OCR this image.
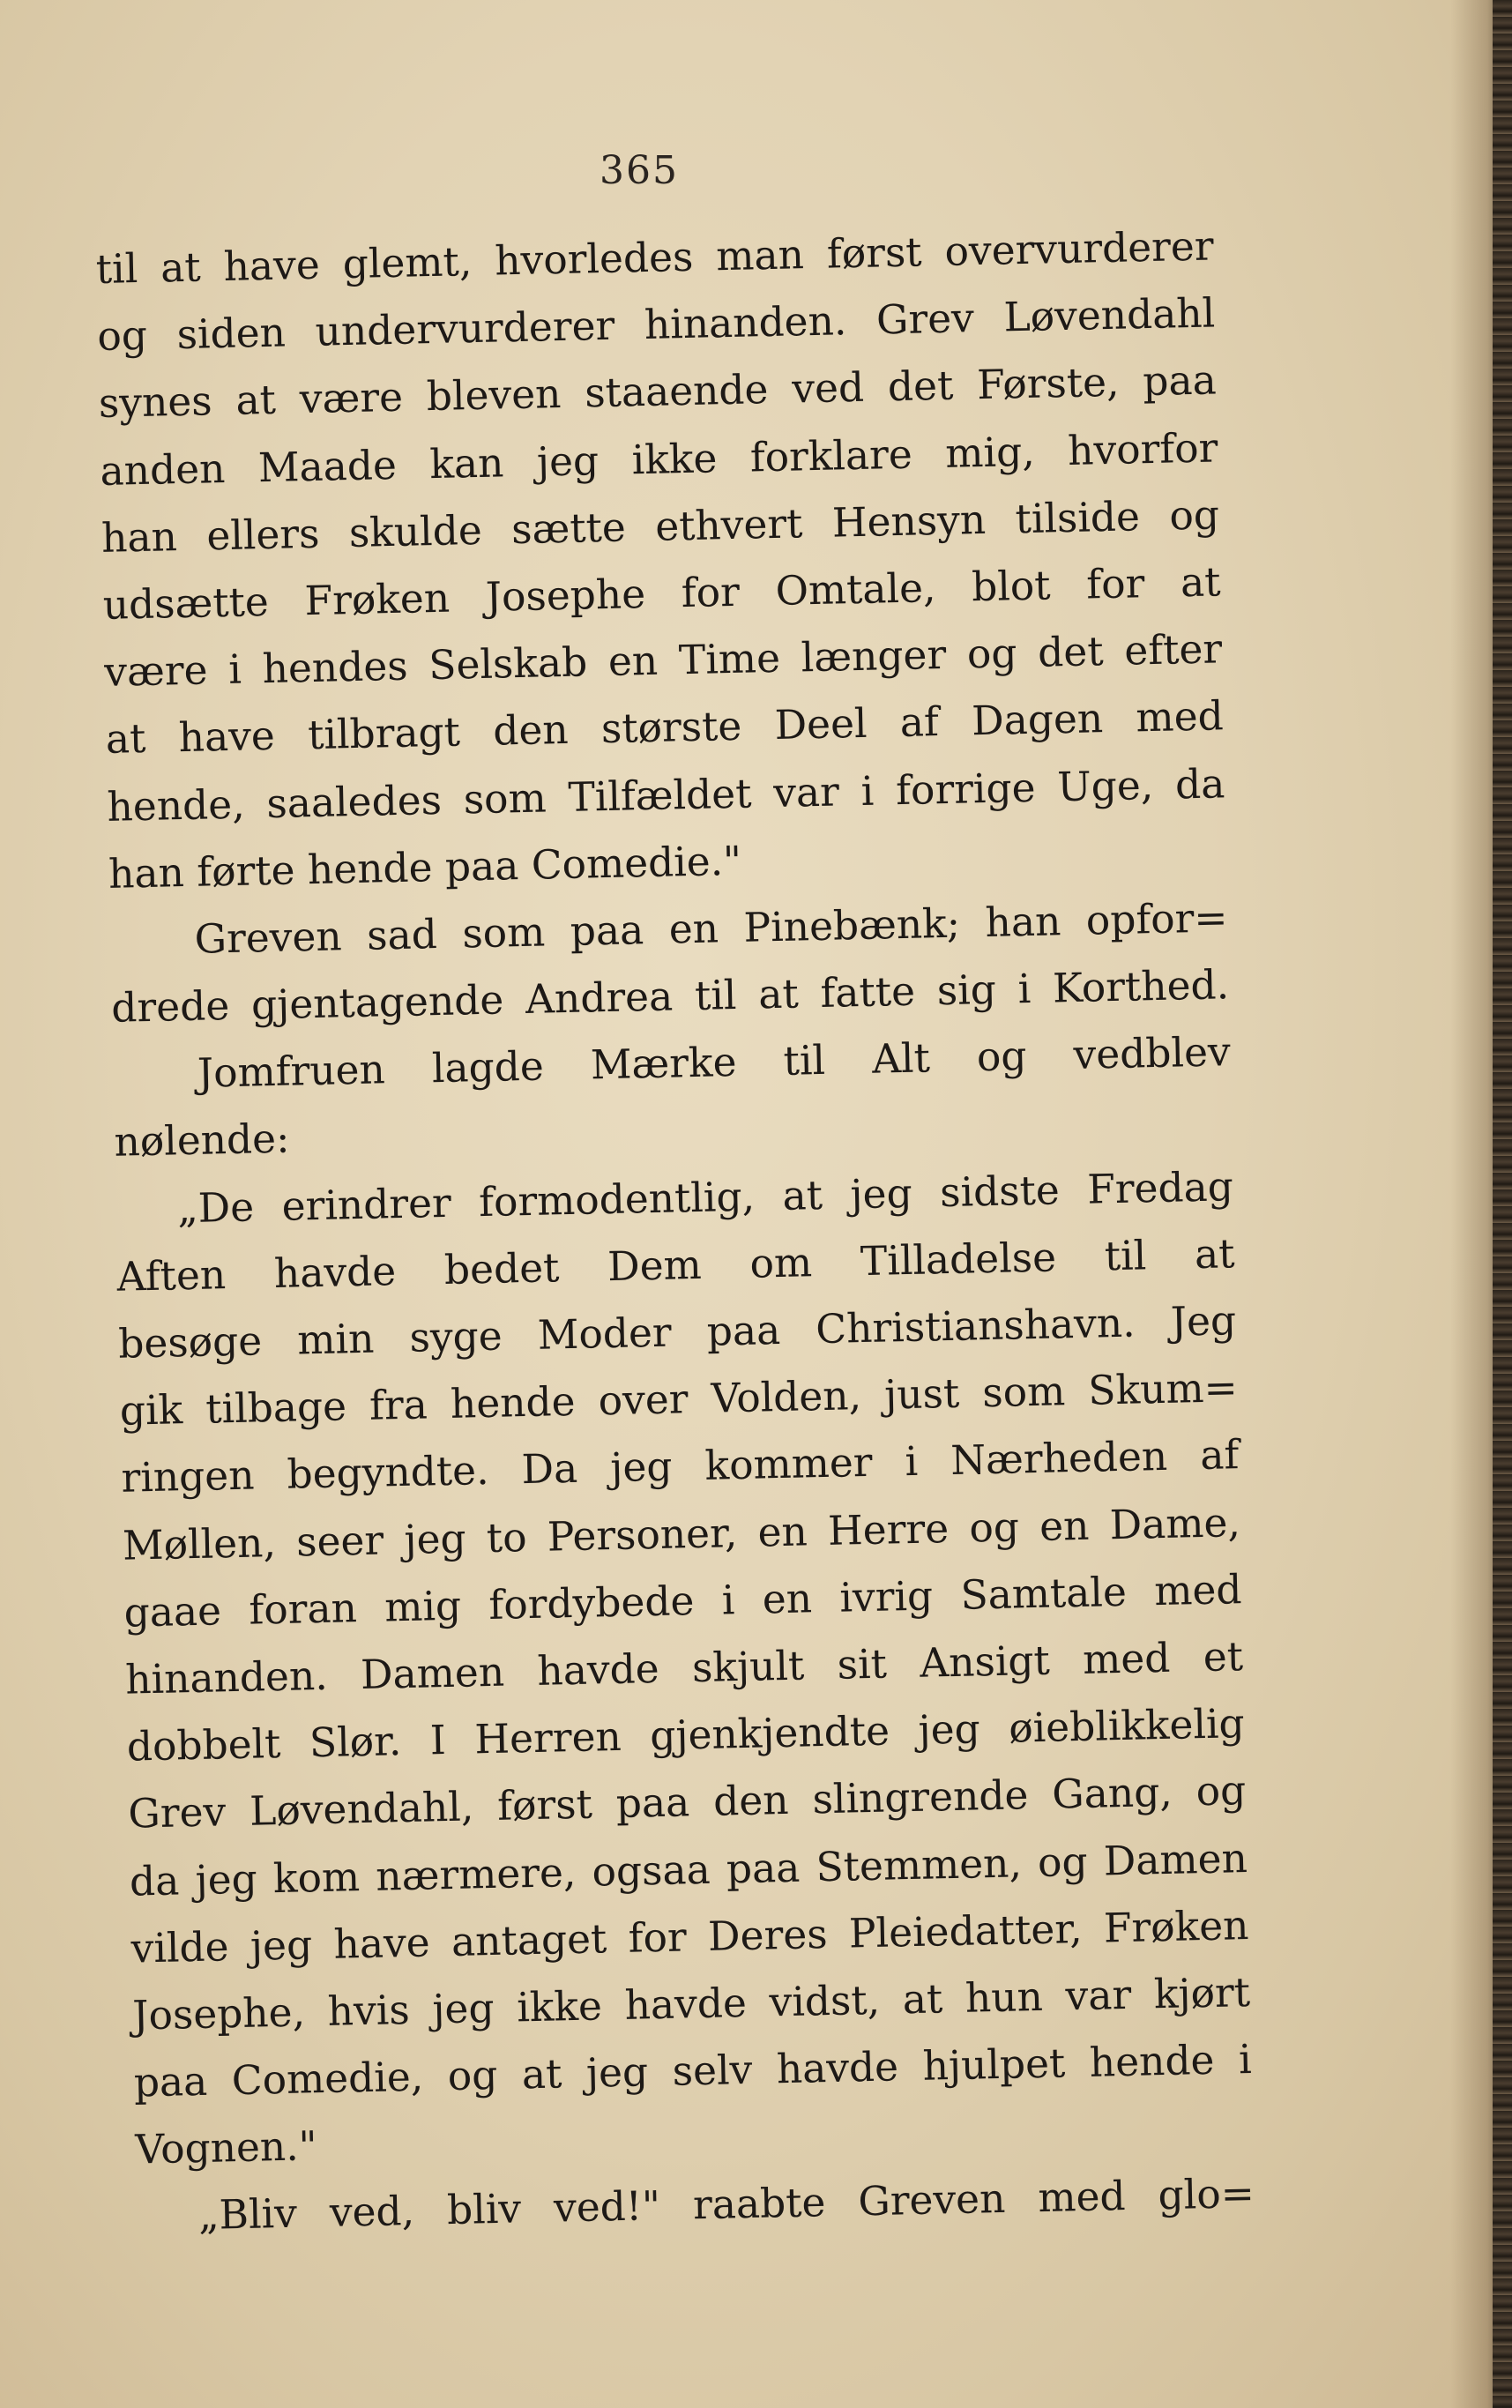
365
til at have glemt, hvorledes man først overvurderer
og siden undervurderer hinanden. Grev Løvendahl
synes at være bleven staaende ved det Første, paa
anden Maade kan jeg ikke forklare mig, hvorfor
han ellers skulde sætte ethvert Hensyn tilside og
udsætte Frøken Josephe for Omtale, blot for at
være i hendes Selskab en Time længer og det efter
at have tilbragt den største Deel af Dagen med
hende, saaledes som Tilfældet var i forrige Uge, da
han førte hende paa Comedie."
Greven sad som paa en Pinebænk; han opfor=
drede gjentagende Andrea til at fatte sig i Korthed.
Jomfruen lagde Mærke til Alt og vedblev
nølende:
„De erindrer formodentlig, at jeg sidste Fredag
Aften havde bedet Dem om Tilladelse til at
besøge min syge Moder paa Christianshavn. Jeg
gik tilbage fra hende over Volden, just som Skum=
ringen begyndte. Da jeg kommer i Nærheden af
Møllen, seer jeg to Personer, en Herre og en Dame,
gaae foran mig fordybede i en ivrig Samtale med
hinanden. Damen havde skjult sit Ansigt med et
dobbelt Slør. I Herren gjenkjendte jeg øieblikkelig
Grev Løvendahl, først paa den slingrende Gang, og
da jeg kom nærmere, ogsaa paa Stemmen, og Damen
vilde jeg have antaget for Deres Pleiedatter, Frøken
Josephe, hvis jeg ikke havde vidst, at hun var kjørt
paa Comedie, og at jeg selv havde hjulpet hende i
Vognen."
„Bliv ved, bliv ved!" raabte Greven med glo=
